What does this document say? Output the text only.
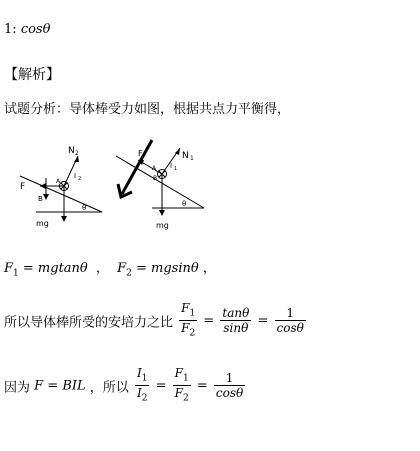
1: cosθ
【解析】
试题分析：导体棒受力如图，根据共点力平衡得，
N 2
F
I 2
A
B
mg
θ
N 1
F
I 1
A
B
mg
θ
$F_1 = mgtan\theta$ ， $F_2 = mgsin\theta$ ，
所以导体棒所受的安培力之比 $\frac{F_1}{F_2} = \frac{\tan\theta}{\sin\theta} = \frac{1}{\cos\theta}$
因为 F = BIL ，所以 $\frac{I_1}{I_2} = \frac{F_1}{F_2} = \frac{1}{\cos\theta}$
